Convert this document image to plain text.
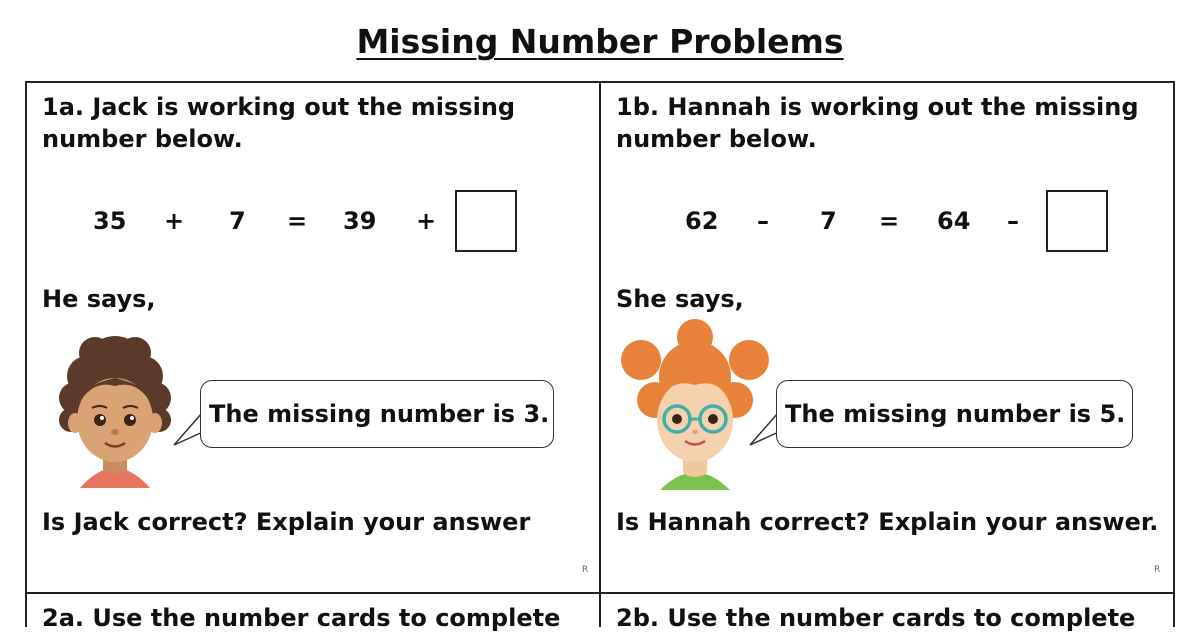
Missing Number Problems
1a. Jack is working out the missing
number below.
35 + 7 = 39 +
He says,
The missing number is 3.
Is Jack correct? Explain your answer
R
1b. Hannah is working out the missing
number below.
62 – 7 = 64 –
She says,
The missing number is 5.
Is Hannah correct? Explain your answer.
R
2a. Use the number cards to complete 2b. Use the number cards to complete
